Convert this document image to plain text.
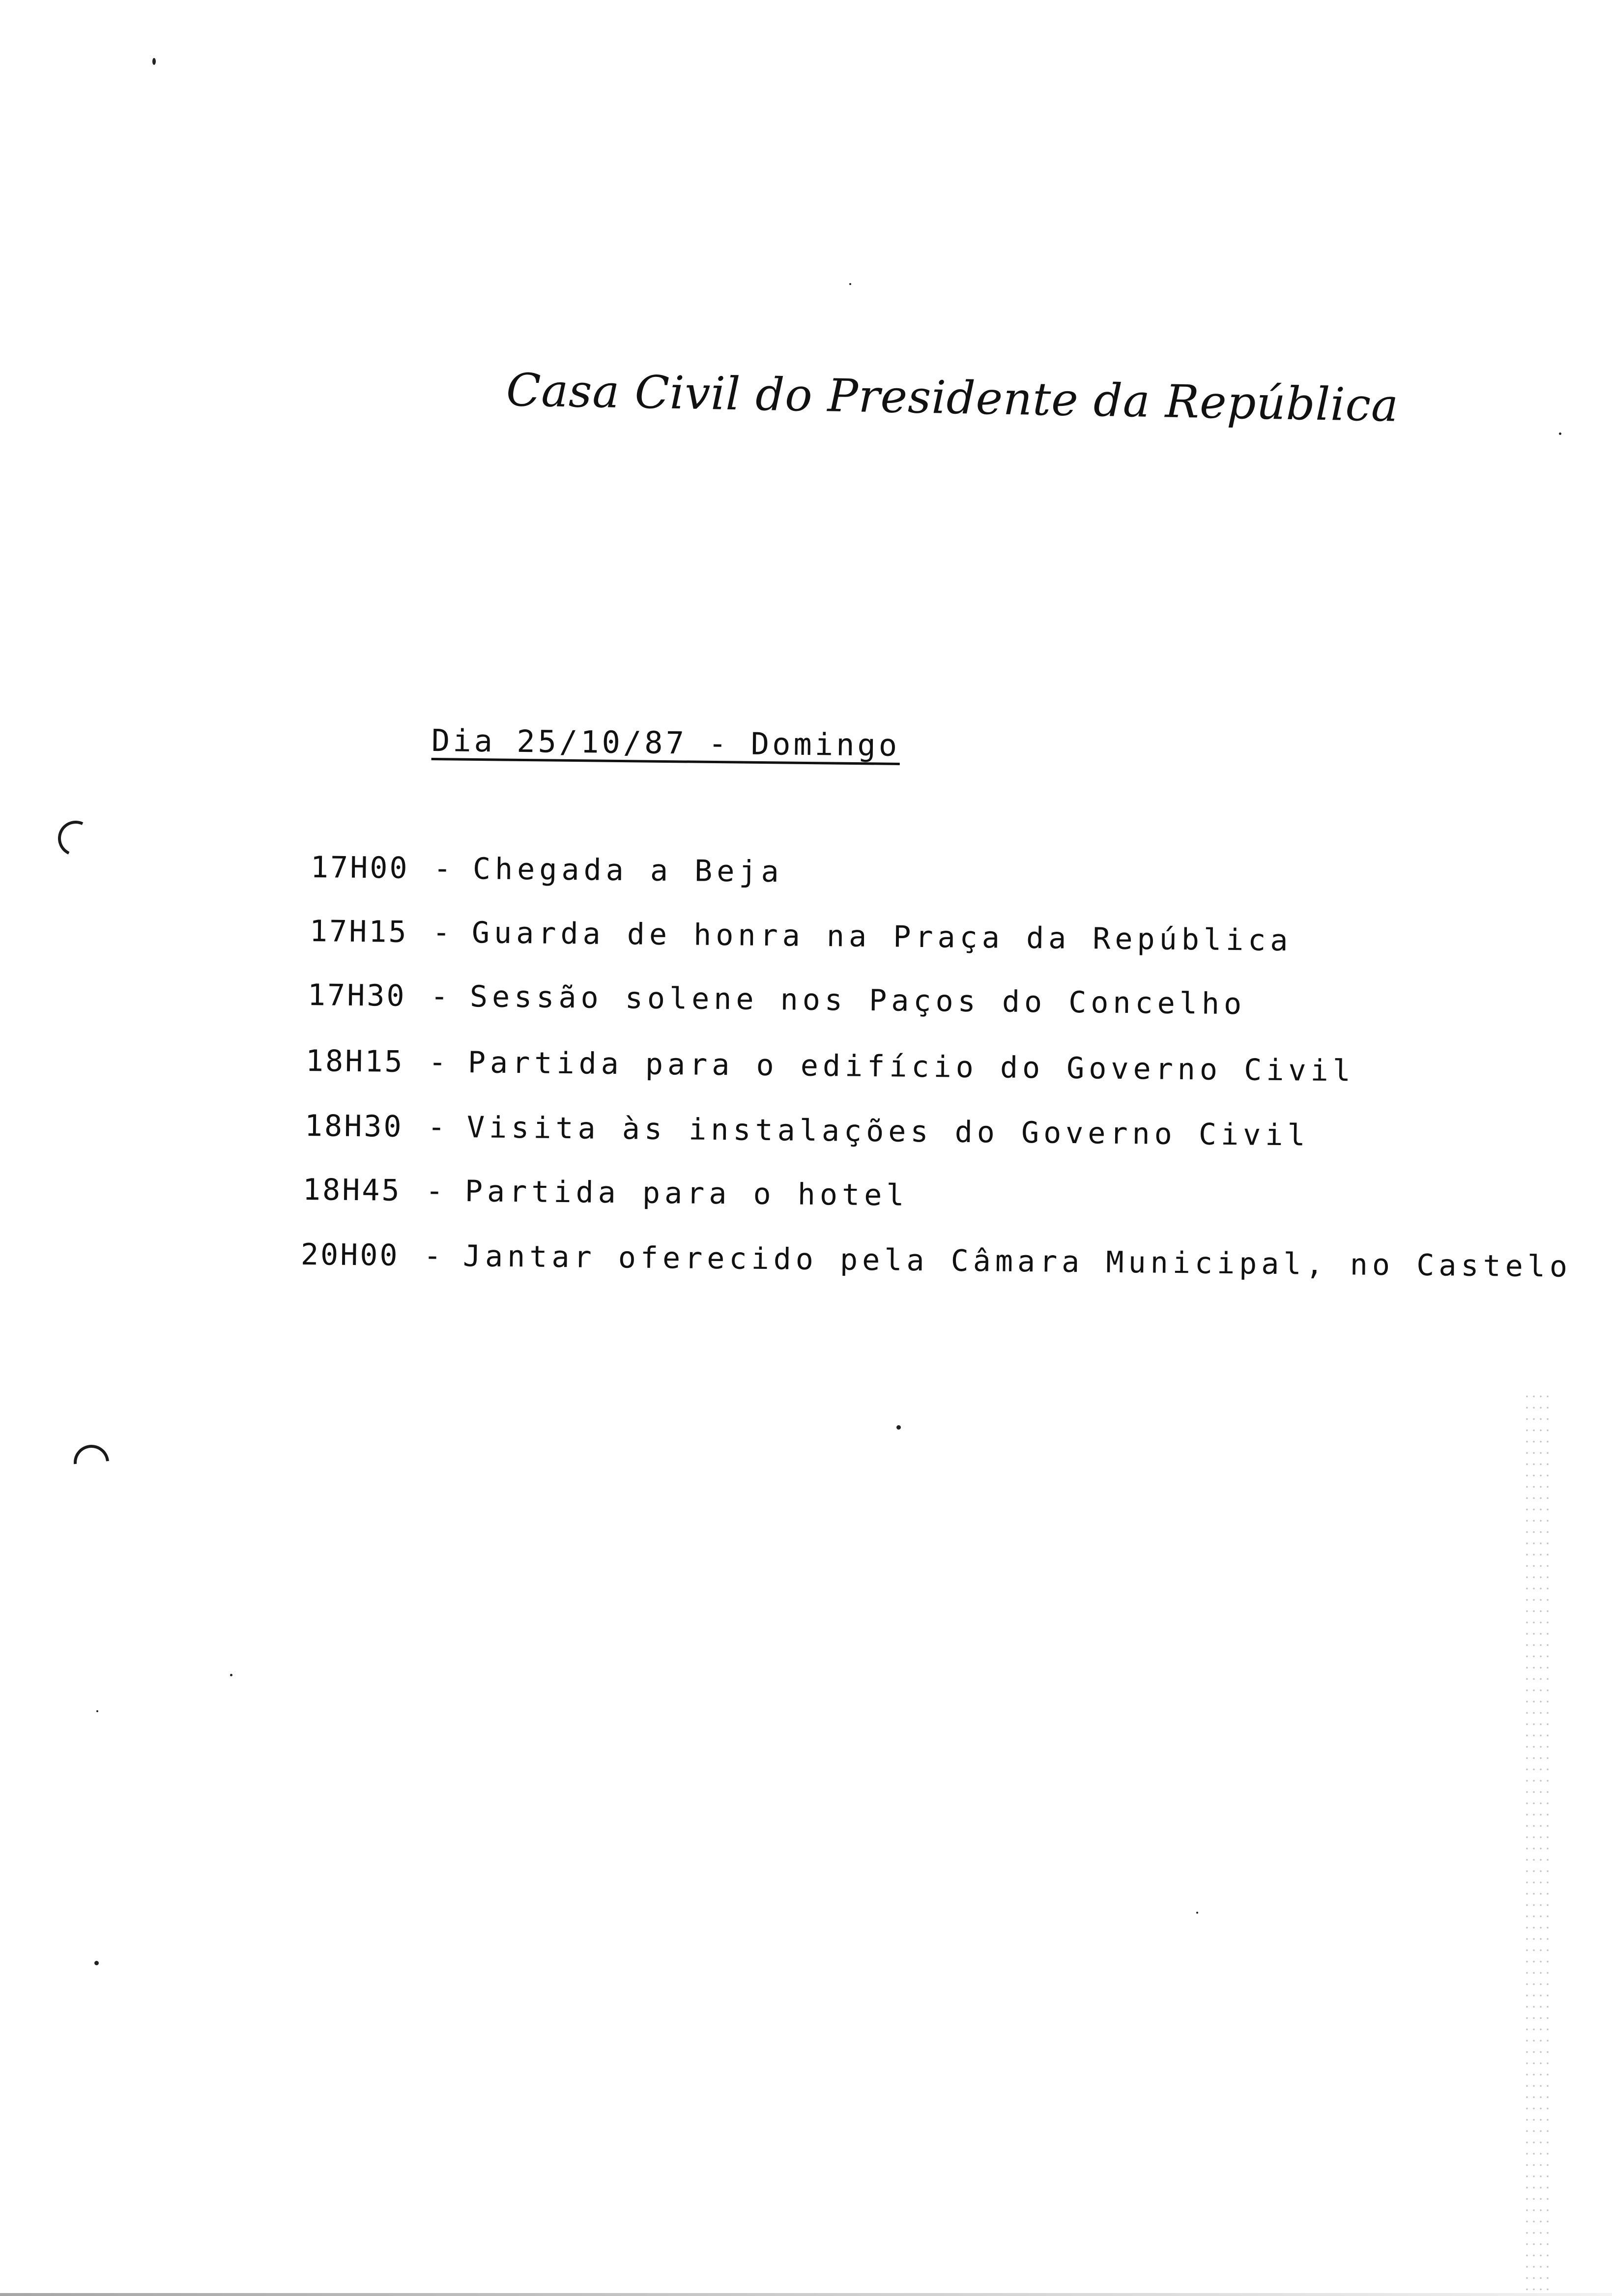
Casa Civil do Presidente da República
Dia 25/10/87 - Domingo
17H00 - Chegada a Beja
17H15 - Guarda de honra na Praça da República
17H30 - Sessão solene nos Paços do Concelho
18H15 - Partida para o edifício do Governo Civil
18H30 - Visita às instalações do Governo Civil
18H45 - Partida para o hotel
20H00 - Jantar oferecido pela Câmara Municipal, no Castelo
